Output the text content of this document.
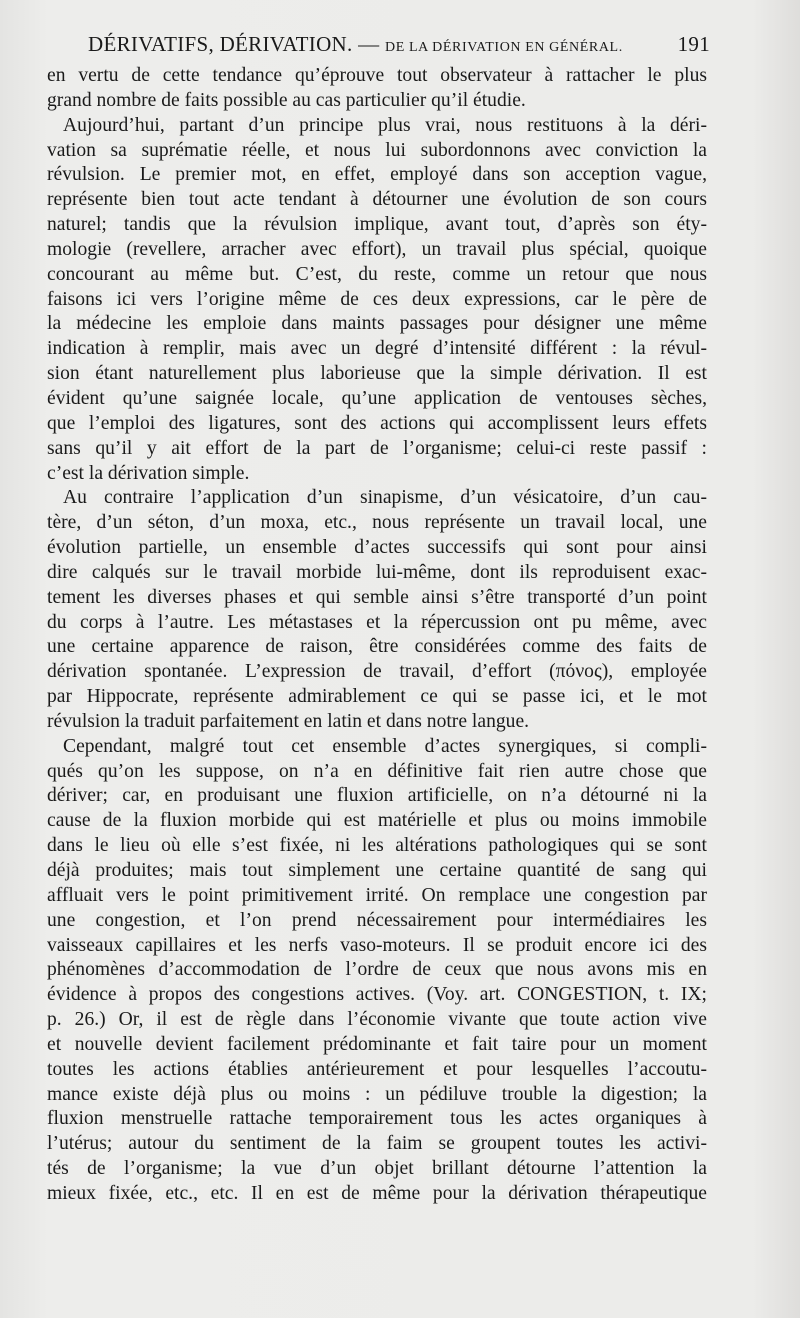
DÉRIVATIFS, DÉRIVATION. — DE LA DÉRIVATION EN GÉNÉRAL.	191
en vertu de cette tendance qu’éprouve tout observateur à rattacher le plus
grand nombre de faits possible au cas particulier qu’il étudie.
Aujourd’hui, partant d’un principe plus vrai, nous restituons à la déri-
vation sa suprématie réelle, et nous lui subordonnons avec conviction la
révulsion. Le premier mot, en effet, employé dans son acception vague,
représente bien tout acte tendant à détourner une évolution de son cours
naturel; tandis que la révulsion implique, avant tout, d’après son éty-
mologie (revellere, arracher avec effort), un travail plus spécial, quoique
concourant au même but. C’est, du reste, comme un retour que nous
faisons ici vers l’origine même de ces deux expressions, car le père de
la médecine les emploie dans maints passages pour désigner une même
indication à remplir, mais avec un degré d’intensité différent : la révul-
sion étant naturellement plus laborieuse que la simple dérivation. Il est
évident qu’une saignée locale, qu’une application de ventouses sèches,
que l’emploi des ligatures, sont des actions qui accomplissent leurs effets
sans qu’il y ait effort de la part de l’organisme; celui-ci reste passif :
c’est la dérivation simple.
Au contraire l’application d’un sinapisme, d’un vésicatoire, d’un cau-
tère, d’un séton, d’un moxa, etc., nous représente un travail local, une
évolution partielle, un ensemble d’actes successifs qui sont pour ainsi
dire calqués sur le travail morbide lui-même, dont ils reproduisent exac-
tement les diverses phases et qui semble ainsi s’être transporté d’un point
du corps à l’autre. Les métastases et la répercussion ont pu même, avec
une certaine apparence de raison, être considérées comme des faits de
dérivation spontanée. L’expression de travail, d’effort (πόνος), employée
par Hippocrate, représente admirablement ce qui se passe ici, et le mot
révulsion la traduit parfaitement en latin et dans notre langue.
Cependant, malgré tout cet ensemble d’actes synergiques, si compli-
qués qu’on les suppose, on n’a en définitive fait rien autre chose que
dériver; car, en produisant une fluxion artificielle, on n’a détourné ni la
cause de la fluxion morbide qui est matérielle et plus ou moins immobile
dans le lieu où elle s’est fixée, ni les altérations pathologiques qui se sont
déjà produites; mais tout simplement une certaine quantité de sang qui
affluait vers le point primitivement irrité. On remplace une congestion par
une congestion, et l’on prend nécessairement pour intermédiaires les
vaisseaux capillaires et les nerfs vaso-moteurs. Il se produit encore ici des
phénomènes d’accommodation de l’ordre de ceux que nous avons mis en
évidence à propos des congestions actives. (Voy. art. CONGESTION, t. IX;
p. 26.) Or, il est de règle dans l’économie vivante que toute action vive
et nouvelle devient facilement prédominante et fait taire pour un moment
toutes les actions établies antérieurement et pour lesquelles l’accoutu-
mance existe déjà plus ou moins : un pédiluve trouble la digestion; la
fluxion menstruelle rattache temporairement tous les actes organiques à
l’utérus; autour du sentiment de la faim se groupent toutes les activi-
tés de l’organisme; la vue d’un objet brillant détourne l’attention la
mieux fixée, etc., etc. Il en est de même pour la dérivation thérapeutique
